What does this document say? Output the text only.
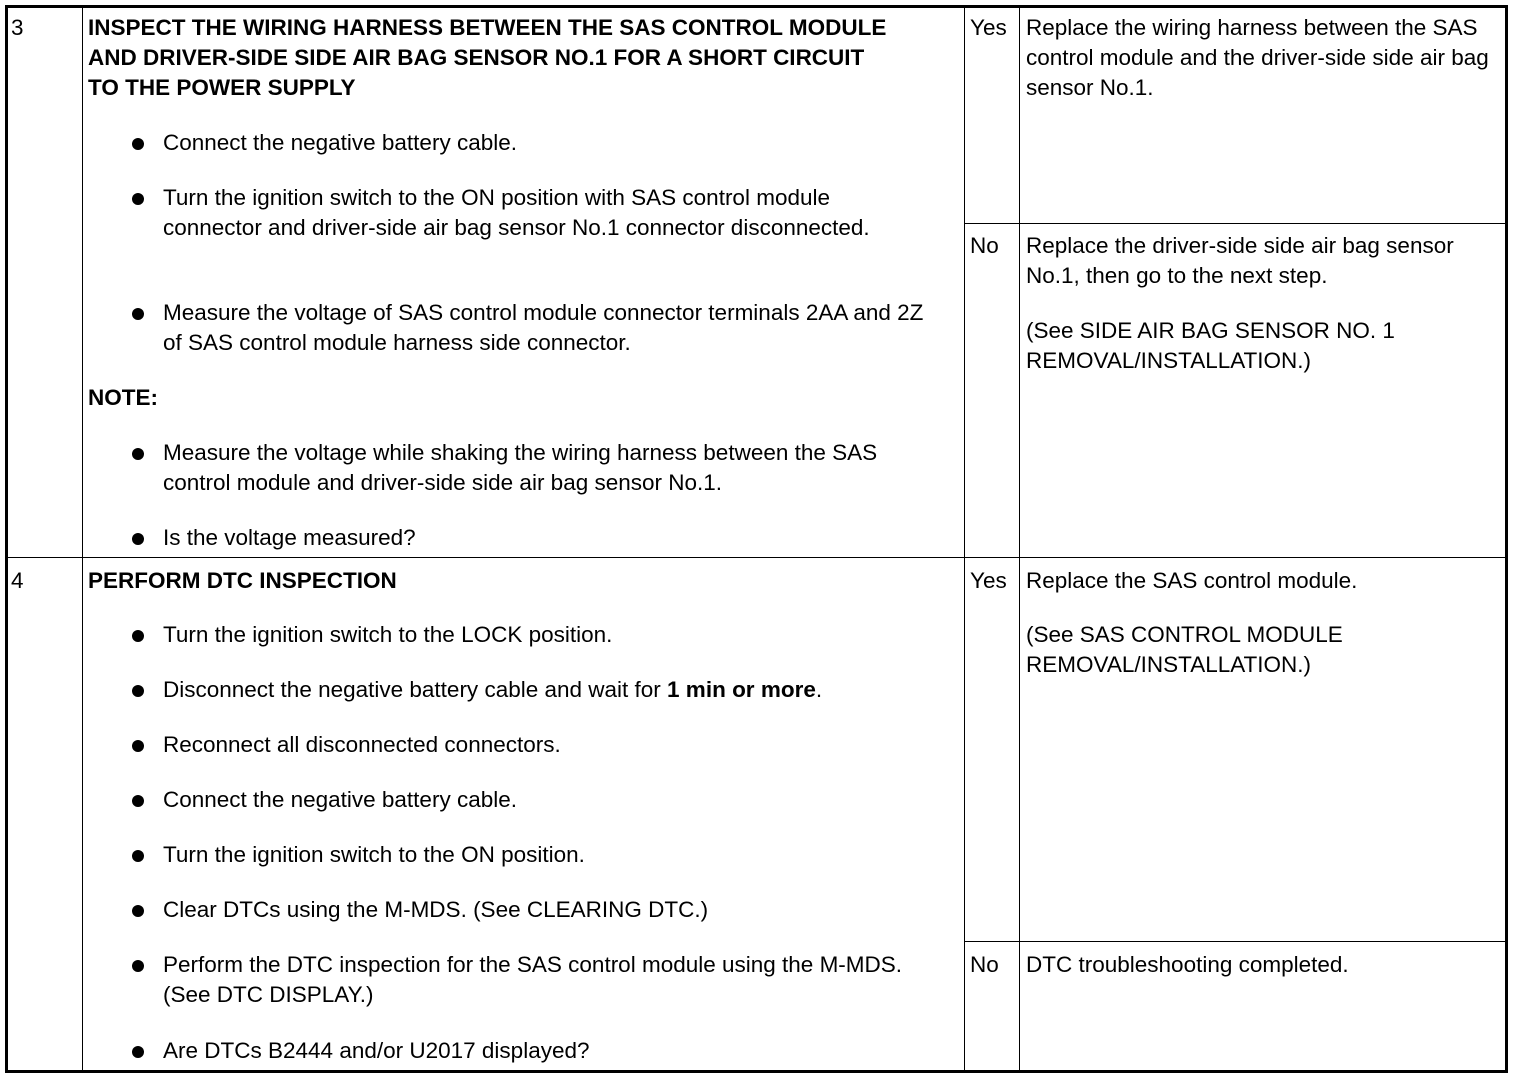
3	INSPECT THE WIRING HARNESS BETWEEN THE SAS CONTROL MODULE AND DRIVER-SIDE SIDE AIR BAG SENSOR NO.1 FOR A SHORT CIRCUIT TO THE POWER SUPPLY
Connect the negative battery cable.
Turn the ignition switch to the ON position with SAS control module connector and driver-side air bag sensor No.1 connector disconnected.
Measure the voltage of SAS control module connector terminals 2AA and 2Z of SAS control module harness side connector.
NOTE:
Measure the voltage while shaking the wiring harness between the SAS control module and driver-side side air bag sensor No.1.
Is the voltage measured?
Yes Replace the wiring harness between the SAS control module and the driver-side side air bag sensor No.1.
No Replace the driver-side side air bag sensor No.1, then go to the next step.
(See SIDE AIR BAG SENSOR NO. 1 REMOVAL/INSTALLATION.)
4	PERFORM DTC INSPECTION
Turn the ignition switch to the LOCK position.
Disconnect the negative battery cable and wait for 1 min or more.
Reconnect all disconnected connectors.
Connect the negative battery cable.
Turn the ignition switch to the ON position.
Clear DTCs using the M-MDS. (See CLEARING DTC.)
Perform the DTC inspection for the SAS control module using the M-MDS. (See DTC DISPLAY.)
Are DTCs B2444 and/or U2017 displayed?
Yes Replace the SAS control module.
(See SAS CONTROL MODULE REMOVAL/INSTALLATION.)
No DTC troubleshooting completed.
